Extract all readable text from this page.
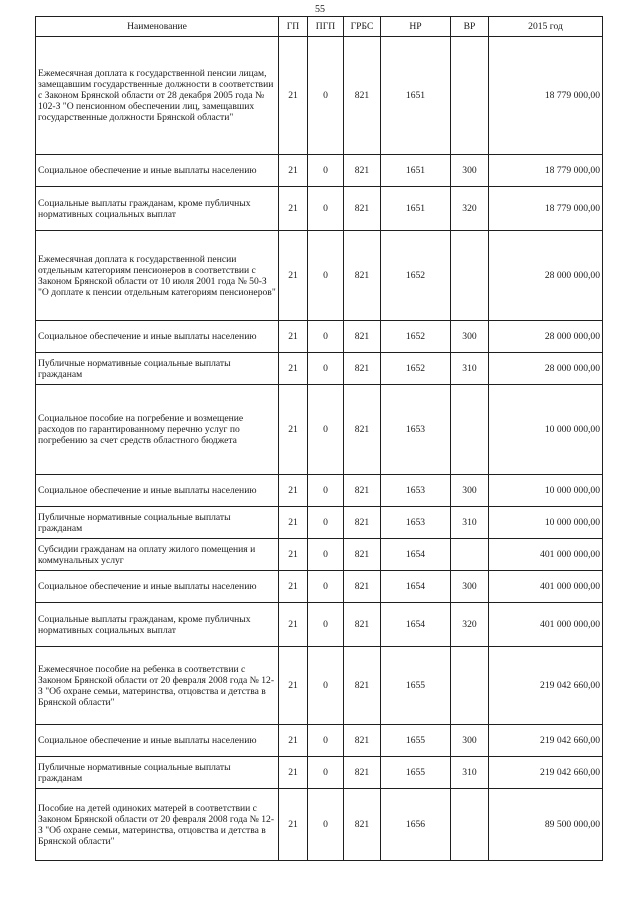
55
Наименование	ГП	ПГП	ГРБС	НР	ВР	2015 год
Ежемесячная доплата к государственной пенсии лицам, замещавшим государственные должности в соответствии с Законом Брянской области от 28 декабря 2005 года № 102-З "О пенсионном обеспечении лиц, замещавших государственные должности Брянской области"	21	0	821	1651		18 779 000,00
Социальное обеспечение и иные выплаты населению	21	0	821	1651	300	18 779 000,00
Социальные выплаты гражданам, кроме публичных нормативных социальных выплат	21	0	821	1651	320	18 779 000,00
Ежемесячная доплата к государственной пенсии отдельным категориям пенсионеров в соответствии с Законом Брянской области от 10 июля 2001 года № 50-З "О доплате к пенсии отдельным категориям пенсионеров"	21	0	821	1652		28 000 000,00
Социальное обеспечение и иные выплаты населению	21	0	821	1652	300	28 000 000,00
Публичные нормативные социальные выплаты гражданам	21	0	821	1652	310	28 000 000,00
Социальное пособие на погребение и возмещение расходов по гарантированному перечню услуг по погребению за счет средств областного бюджета	21	0	821	1653		10 000 000,00
Социальное обеспечение и иные выплаты населению	21	0	821	1653	300	10 000 000,00
Публичные нормативные социальные выплаты гражданам	21	0	821	1653	310	10 000 000,00
Субсидии гражданам на оплату жилого помещения и коммунальных услуг	21	0	821	1654		401 000 000,00
Социальное обеспечение и иные выплаты населению	21	0	821	1654	300	401 000 000,00
Социальные выплаты гражданам, кроме публичных нормативных социальных выплат	21	0	821	1654	320	401 000 000,00
Ежемесячное пособие на ребенка в соответствии с Законом Брянской области от 20 февраля 2008 года № 12-З "Об охране семьи, материнства, отцовства и детства в Брянской области"	21	0	821	1655		219 042 660,00
Социальное обеспечение и иные выплаты населению	21	0	821	1655	300	219 042 660,00
Публичные нормативные социальные выплаты гражданам	21	0	821	1655	310	219 042 660,00
Пособие на детей одиноких матерей в соответствии с Законом Брянской области от 20 февраля 2008 года № 12-З "Об охране семьи, материнства, отцовства и детства в Брянской области"	21	0	821	1656		89 500 000,00
